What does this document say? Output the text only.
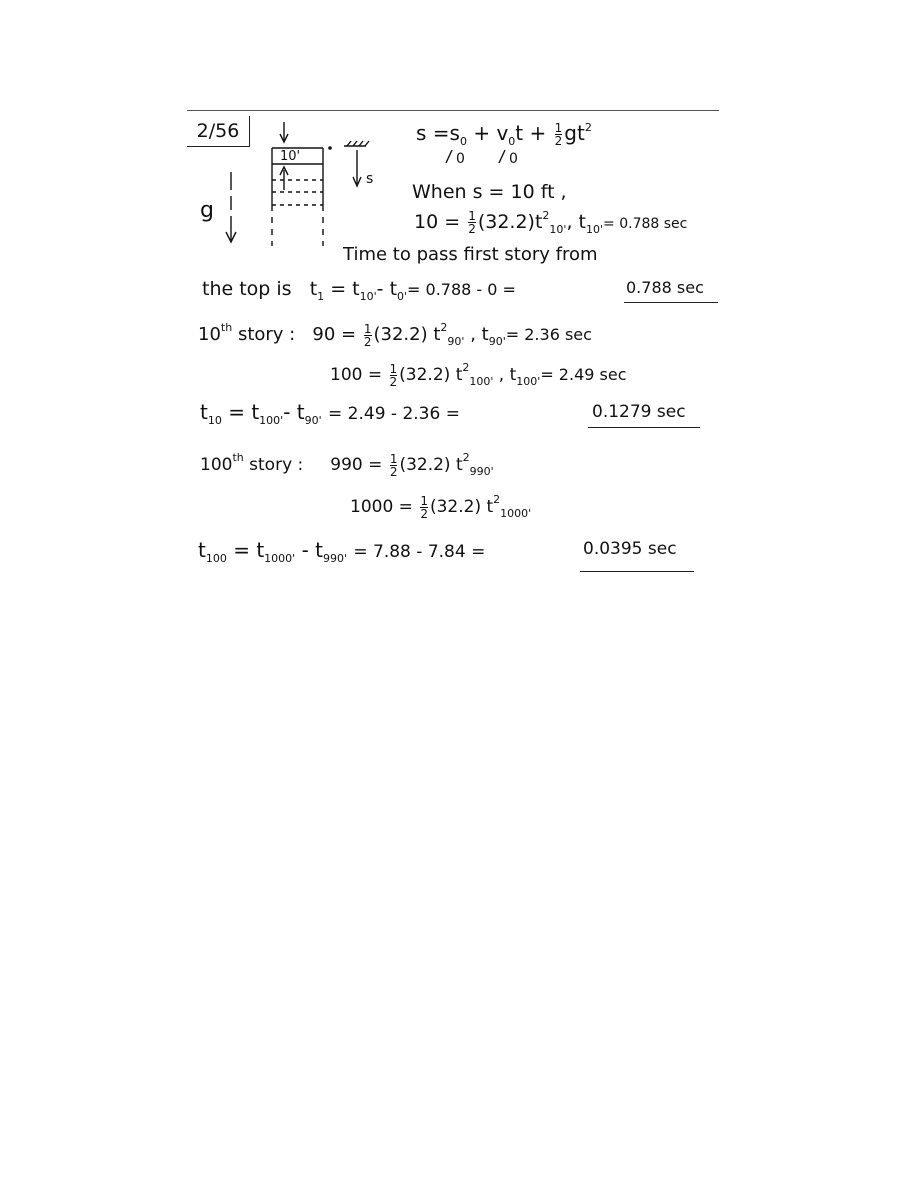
2/56
10'
s
g
$s =s_0 + v_0t + \frac{1}{2} gt^2$
0	0
When s = 10 ft ,
$10 = \frac{1}{2} (32.2)t^2_{10'}$, $t_{10'}= 0.788$ sec
Time to pass first story from
the top is $t_1 = t_{10'}-$ $t_{0'}= 0.788 - 0$ =	0.788 sec
10th story : $90 = \frac{1}{2} (32.2)$ $t^2_{90'}$ , $t_{90'}= 2.36$ sec
$100 = \frac{1}{2} (32.2)$ $t^2_{100'}$ , $t_{100'}= 2.49$ sec
$t_{10} = t_{100'}-$ $t_{90'} = 2.49 - 2.36$ =	0.1279 sec
100th story : $990 = \frac{1}{2} (32.2)$ $t^2_{990'}$
$1000 = \frac{1}{2} (32.2)$ $t^2_{1000'}$
$t_{100} = t_{1000'} - t_{990'} = 7.88 - 7.84$ =	0.0395 sec
